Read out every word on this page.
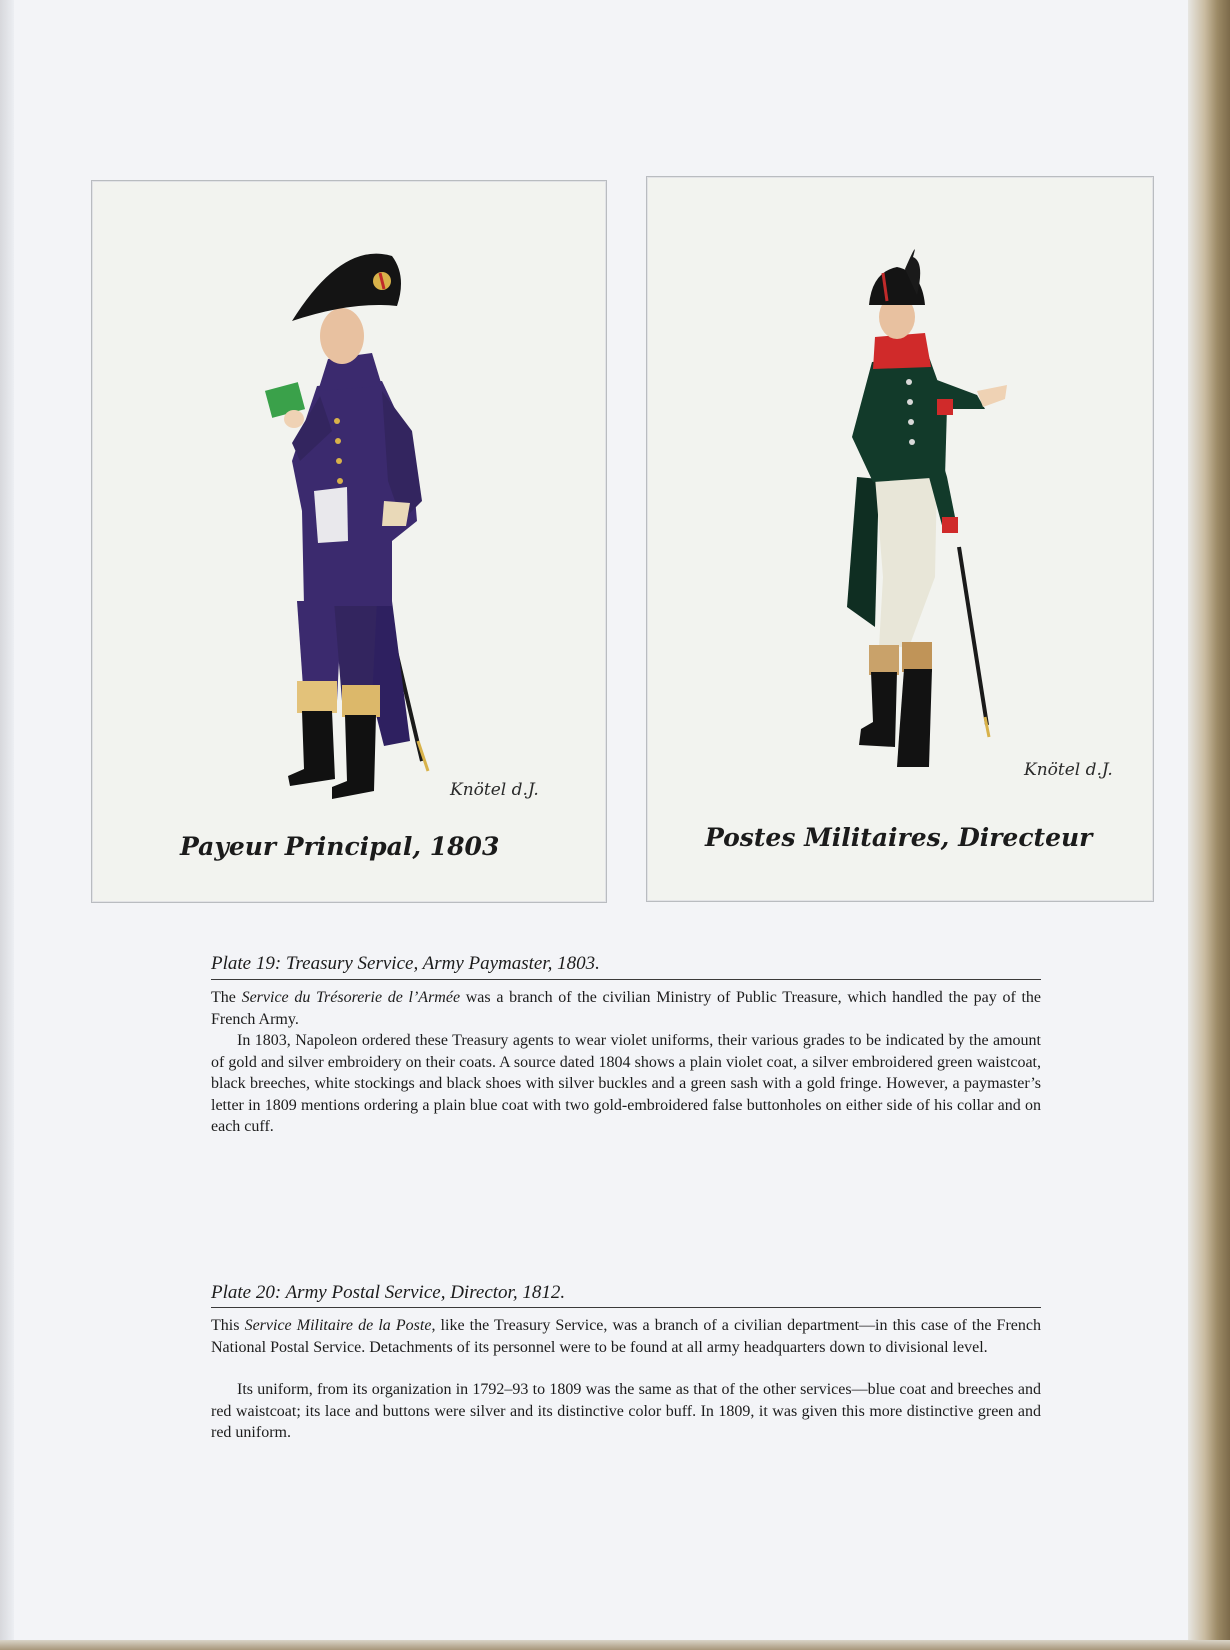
Knötel d.J.
Payeur Principal, 1803
Knötel d.J.
Postes Militaires, Directeur
Plate 19: Treasury Service, Army Paymaster, 1803.

The Service du Trésorerie de l’Armée was a branch of the civilian Ministry of Public Treasure, which handled the pay of the French Army.

In 1803, Napoleon ordered these Treasury agents to wear violet uniforms, their various grades to be indicated by the amount of gold and silver embroidery on their coats. A source dated 1804 shows a plain violet coat, a silver embroidered green waistcoat, black breeches, white stockings and black shoes with silver buckles and a green sash with a gold fringe. However, a paymaster’s letter in 1809 mentions ordering a plain blue coat with two gold-embroidered false buttonholes on either side of his collar and on each cuff.

Plate 20: Army Postal Service, Director, 1812.

This Service Militaire de la Poste, like the Treasury Service, was a branch of a civilian department—in this case of the French National Postal Service. Detachments of its personnel were to be found at all army headquarters down to divisional level.

Its uniform, from its organization in 1792–93 to 1809 was the same as that of the other services—blue coat and breeches and red waistcoat; its lace and buttons were silver and its distinctive color buff. In 1809, it was given this more distinctive green and red uniform.
